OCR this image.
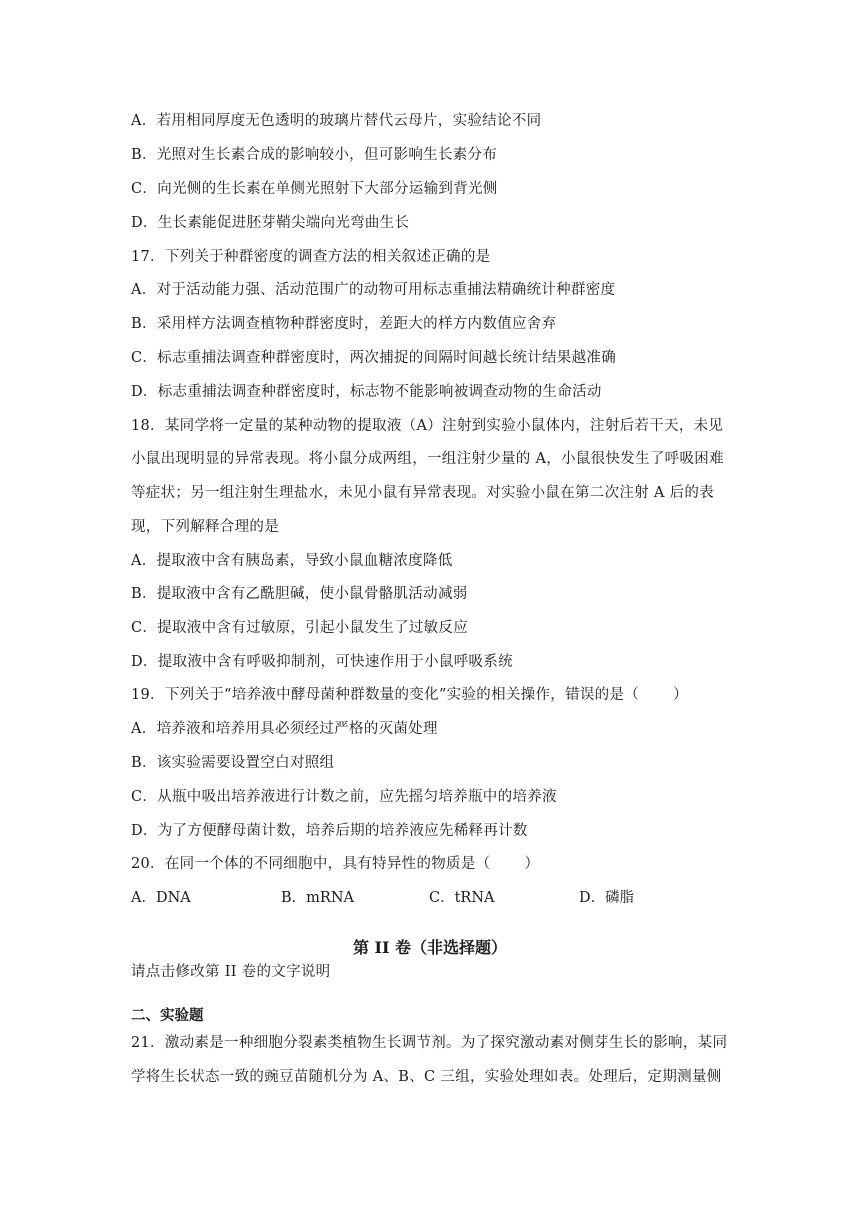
A．若用相同厚度无色透明的玻璃片替代云母片，实验结论不同
B．光照对生长素合成的影响较小，但可影响生长素分布
C．向光侧的生长素在单侧光照射下大部分运输到背光侧
D．生长素能促进胚芽鞘尖端向光弯曲生长
17．下列关于种群密度的调查方法的相关叙述正确的是
A．对于活动能力强、活动范围广的动物可用标志重捕法精确统计种群密度
B．采用样方法调查植物种群密度时，差距大的样方内数值应舍弃
C．标志重捕法调查种群密度时，两次捕捉的间隔时间越长统计结果越准确
D．标志重捕法调查种群密度时，标志物不能影响被调查动物的生命活动
18．某同学将一定量的某种动物的提取液（A）注射到实验小鼠体内，注射后若干天，未见
小鼠出现明显的异常表现。将小鼠分成两组，一组注射少量的 A，小鼠很快发生了呼吸困难
等症状；另一组注射生理盐水，未见小鼠有异常表现。对实验小鼠在第二次注射 A 后的表
现，下列解释合理的是
A．提取液中含有胰岛素，导致小鼠血糖浓度降低
B．提取液中含有乙酰胆碱，使小鼠骨骼肌活动减弱
C．提取液中含有过敏原，引起小鼠发生了过敏反应
D．提取液中含有呼吸抑制剂，可快速作用于小鼠呼吸系统
19．下列关于“培养液中酵母菌种群数量的变化”实验的相关操作，错误的是（ ）
A．培养液和培养用具必须经过严格的灭菌处理
B．该实验需要设置空白对照组
C．从瓶中吸出培养液进行计数之前，应先摇匀培养瓶中的培养液
D．为了方便酵母菌计数，培养后期的培养液应先稀释再计数
20．在同一个体的不同细胞中，具有特异性的物质是（ ）
A．DNA	B．mRNA	C．tRNA	D．磷脂
第 II 卷（非选择题）
请点击修改第 II 卷的文字说明
二、实验题
21．激动素是一种细胞分裂素类植物生长调节剂。为了探究激动素对侧芽生长的影响，某同
学将生长状态一致的豌豆苗随机分为 A、B、C 三组，实验处理如表。处理后，定期测量侧
